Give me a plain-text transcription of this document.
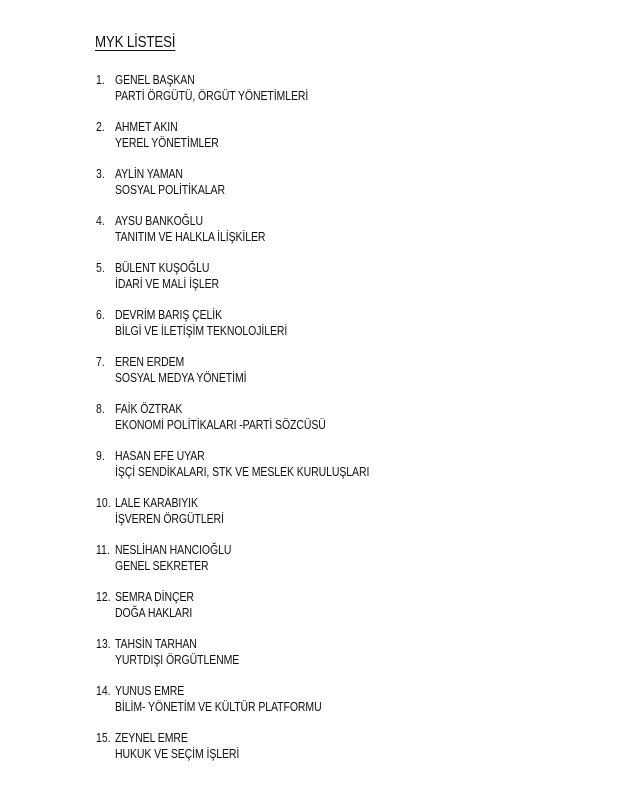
MYK LİSTESİ
1. GENEL BAŞKAN
PARTİ ÖRGÜTÜ, ÖRGÜT YÖNETİMLERİ
2. AHMET AKIN
YEREL YÖNETİMLER
3. AYLİN YAMAN
SOSYAL POLİTİKALAR
4. AYSU BANKOĞLU
TANITIM VE HALKLA İLİŞKİLER
5. BÜLENT KUŞOĞLU
İDARİ VE MALİ İŞLER
6. DEVRİM BARIŞ ÇELİK
BİLGİ VE İLETİŞİM TEKNOLOJİLERİ
7. EREN ERDEM
SOSYAL MEDYA YÖNETİMİ
8. FAİK ÖZTRAK
EKONOMİ POLİTİKALARI -PARTİ SÖZCÜSÜ
9. HASAN EFE UYAR
İŞÇİ SENDİKALARI, STK VE MESLEK KURULUŞLARI
10. LALE KARABIYIK
İŞVEREN ÖRGÜTLERİ
11. NESLİHAN HANCIOĞLU
GENEL SEKRETER
12. SEMRA DİNÇER
DOĞA HAKLARI
13. TAHSİN TARHAN
YURTDIŞI ÖRGÜTLENME
14. YUNUS EMRE
BİLİM- YÖNETİM VE KÜLTÜR PLATFORMU
15. ZEYNEL EMRE
HUKUK VE SEÇİM İŞLERİ
